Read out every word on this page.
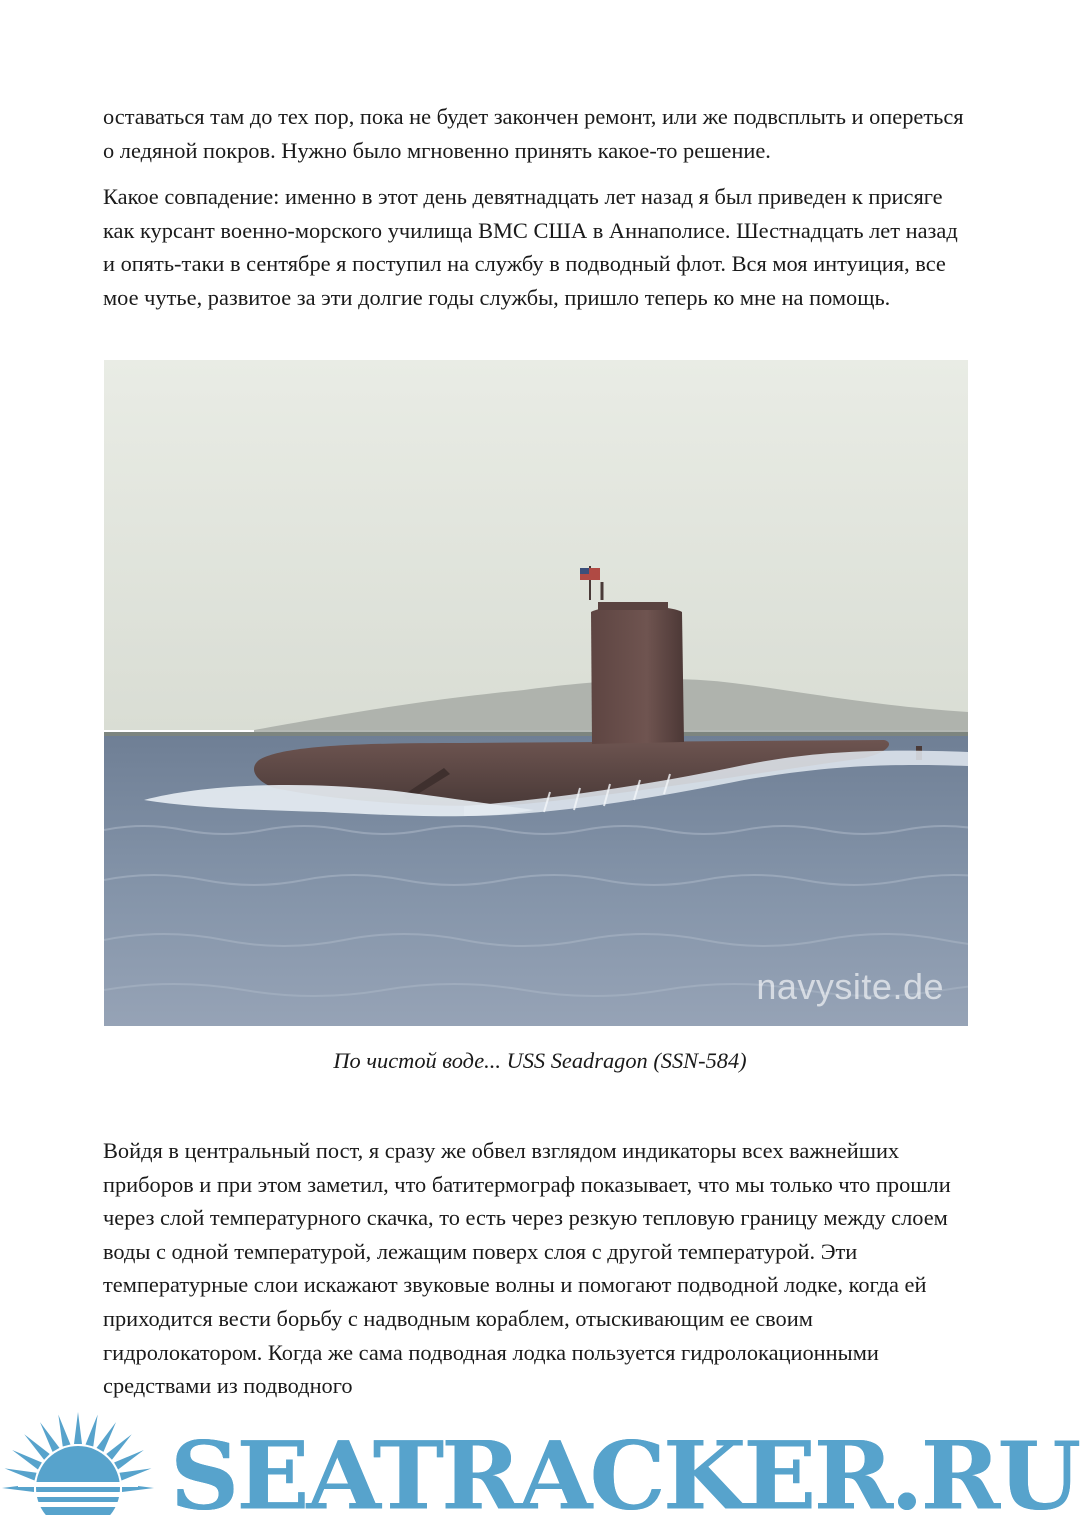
оставаться там до тех пор, пока не будет закончен ремонт, или же подвсплыть и опереться о ледяной покров. Нужно было мгновенно принять какое-то решение.

Какое совпадение: именно в этот день девятнадцать лет назад я был приведен к присяге как курсант военно-морского училища ВМС США в Аннаполисе. Шестнадцать лет назад и опять-таки в сентябре я поступил на службу в подводный флот. Вся моя интуиция, все мое чутье, развитое за эти долгие годы службы, пришло теперь ко мне на помощь.

navysite.de
По чистой воде... USS Seadragon (SSN-584)

Войдя в центральный пост, я сразу же обвел взглядом индикаторы всех важнейших приборов и при этом заметил, что батитермограф показывает, что мы только что прошли через слой температурного скачка, то есть через резкую тепловую границу между слоем воды с одной температурой, лежащим поверх слоя с другой температурой. Эти температурные слои искажают звуковые волны и помогают подводной лодке, когда ей приходится вести борьбу с надводным кораблем, отыскивающим ее своим гидролокатором. Когда же сама подводная лодка пользуется гидролокационными средствами из подводного

SEATRACKER.RU
